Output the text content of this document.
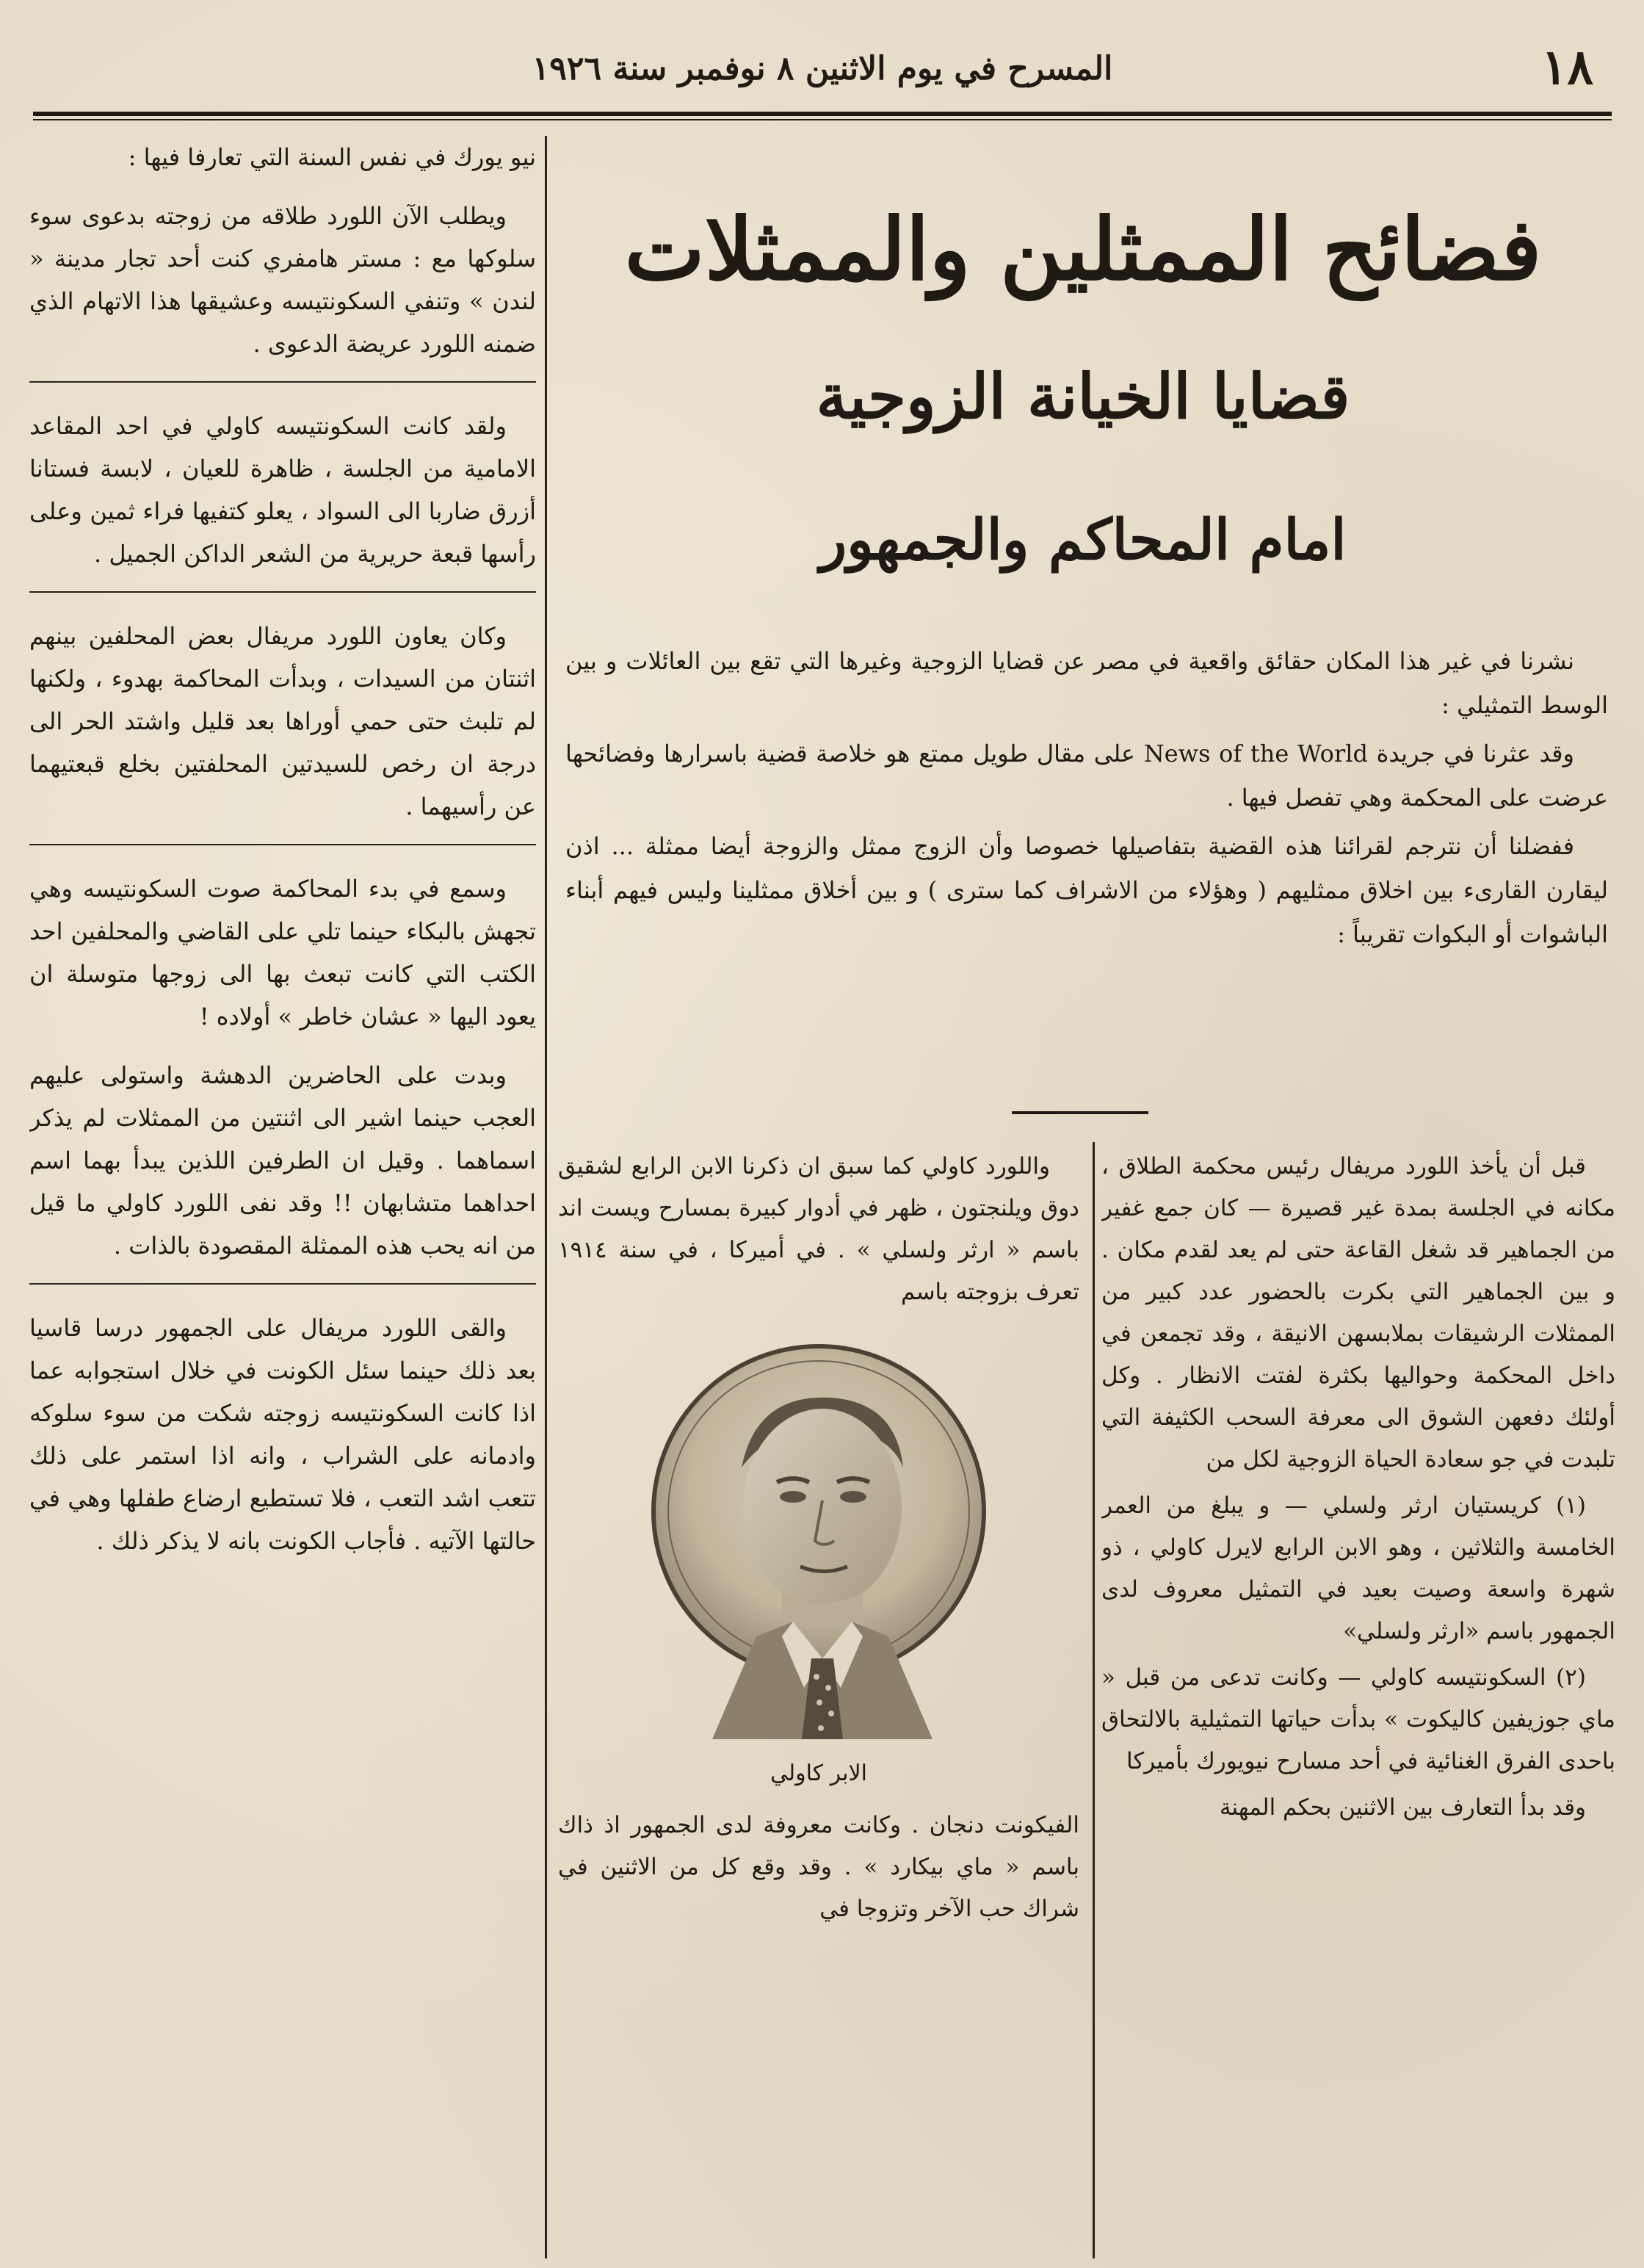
١٨
المسرح في يوم الاثنين ٨ نوفمبر سنة ١٩٢٦

نيو يورك في نفس السنة التي تعارفا فيها :

ويطلب الآن اللورد طلاقه من زوجته بدعوى سوء سلوكها مع : مستر هامفري كنت أحد تجار مدينة « لندن » وتنفي السكونتيسه وعشيقها هذا الاتهام الذي ضمنه اللورد عريضة الدعوى .

ولقد كانت السكونتيسه كاولي في احد المقاعد الامامية من الجلسة ، ظاهرة للعيان ، لابسة فستانا أزرق ضاربا الى السواد ، يعلو كتفيها فراء ثمين وعلى رأسها قبعة حريرية من الشعر الداكن الجميل .

وكان يعاون اللورد مريفال بعض المحلفين بينهم اثنتان من السيدات ، وبدأت المحاكمة بهدوء ، ولكنها لم تلبث حتى حمي أوراها بعد قليل واشتد الحر الى درجة ان رخص للسيدتين المحلفتين بخلع قبعتيهما عن رأسيهما .

وسمع في بدء المحاكمة صوت السكونتيسه وهي تجهش بالبكاء حينما تلي على القاضي والمحلفين احد الكتب التي كانت تبعث بها الى زوجها متوسلة ان يعود اليها « عشان خاطر » أولاده !

وبدت على الحاضرين الدهشة واستولى عليهم العجب حينما اشير الى اثنتين من الممثلات لم يذكر اسماهما . وقيل ان الطرفين اللذين يبدأ بهما اسم احداهما متشابهان !! وقد نفى اللورد كاولي ما قيل من انه يحب هذه الممثلة المقصودة بالذات .

والقى اللورد مريفال على الجمهور درسا قاسيا بعد ذلك حينما سئل الكونت في خلال استجوابه عما اذا كانت السكونتيسه زوجته شكت من سوء سلوكه وادمانه على الشراب ، وانه اذا استمر على ذلك تتعب اشد التعب ، فلا تستطيع ارضاع طفلها وهي في حالتها الآتيه . فأجاب الكونت بانه لا يذكر ذلك .

فضائح الممثلين والممثلات
قضايا الخيانة الزوجية
امام المحاكم والجمهور

نشرنا في غير هذا المكان حقائق واقعية في مصر عن قضايا الزوجية وغيرها التي تقع بين العائلات و بين الوسط التمثيلي :

وقد عثرنا في جريدة News of the World على مقال طويل ممتع هو خلاصة قضية باسرارها وفضائحها عرضت على المحكمة وهي تفصل فيها .

ففضلنا أن نترجم لقرائنا هذه القضية بتفاصيلها خصوصا وأن الزوج ممثل والزوجة أيضا ممثلة ... اذن ليقارن القارىء بين اخلاق ممثليهم ( وهؤلاء من الاشراف كما سترى ) و بين أخلاق ممثلينا وليس فيهم أبناء الباشوات أو البكوات تقريباً :

قبل أن يأخذ اللورد مريفال رئيس محكمة الطلاق ، مكانه في الجلسة بمدة غير قصيرة — كان جمع غفير من الجماهير قد شغل القاعة حتى لم يعد لقدم مكان . و بين الجماهير التي بكرت بالحضور عدد كبير من الممثلات الرشيقات بملابسهن الانيقة ، وقد تجمعن في داخل المحكمة وحواليها بكثرة لفتت الانظار . وكل أولئك دفعهن الشوق الى معرفة السحب الكثيفة التي تلبدت في جو سعادة الحياة الزوجية لكل من

(١) كريستيان ارثر ولسلي — و يبلغ من العمر الخامسة والثلاثين ، وهو الابن الرابع لايرل كاولي ، ذو شهرة واسعة وصيت بعيد في التمثيل معروف لدى الجمهور باسم «ارثر ولسلي»

(٢) السكونتيسه كاولي — وكانت تدعى من قبل « ماي جوزيفين كاليكوت » بدأت حياتها التمثيلية بالالتحاق باحدى الفرق الغنائية في أحد مسارح نيويورك بأميركا

وقد بدأ التعارف بين الاثنين بحكم المهنة

واللورد كاولي كما سبق ان ذكرنا الابن الرابع لشقيق دوق ويلنجتون ، ظهر في أدوار كبيرة بمسارح ويست اند باسم « ارثر ولسلي » . في أميركا ، في سنة ١٩١٤ تعرف بزوجته باسم

الابر كاولي

الفيكونت دنجان . وكانت معروفة لدى الجمهور اذ ذاك باسم « ماي بيكارد » . وقد وقع كل من الاثنين في شراك حب الآخر وتزوجا في
